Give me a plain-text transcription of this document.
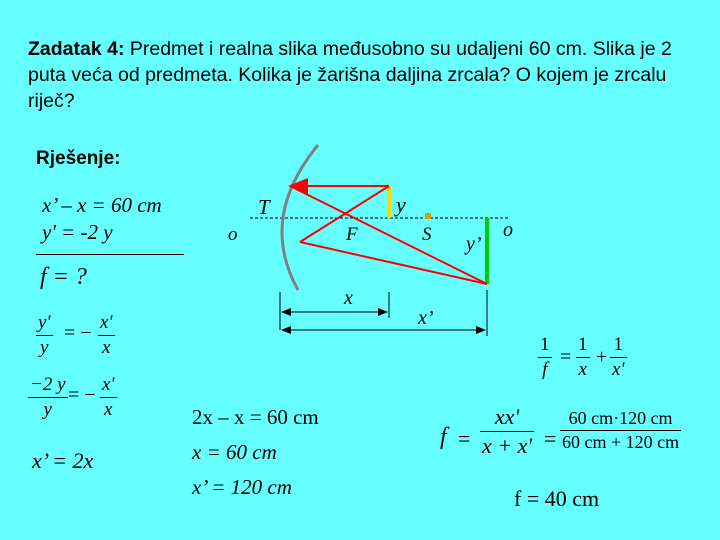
Zadatak 4: Predmet i realna slika međusobno su udaljeni 60 cm. Slika je 2 puta veća od predmeta. Kolika je žarišna daljina zrcala? O kojem je zrcalu riječ?
Rješenje:
x’ – x = 60 cm
y' = -2 y
f = ?
y'
y
= − x'
x
−2 y
y
= − x'
x
x’ = 2x
2x – x = 60 cm
x = 60 cm
x’ = 120 cm
1
f
=
1
x
+
1
x'
f =
xx'
x + x' =
60 cm·120 cm
60 cm + 120 cm
f = 40 cm
T
o	F	S
y
y’
o
x
x’
